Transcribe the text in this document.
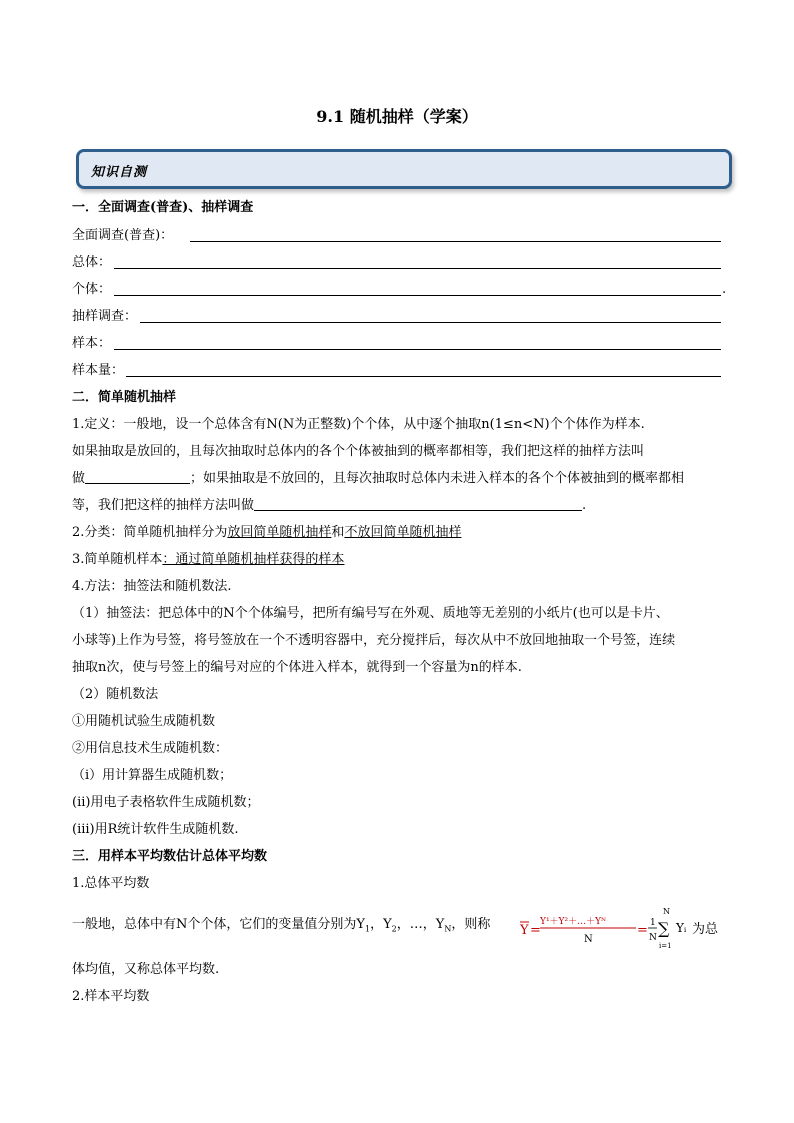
9.1 随机抽样（学案）
知识自测
一．全面调查(普查)、抽样调查
全面调查(普查)：
总体：
个体：	.
抽样调查：
样本：
样本量：
二．简单随机抽样
1.定义：一般地，设一个总体含有N(N为正整数)个个体，从中逐个抽取n(1≤n<N)个个体作为样本.
如果抽取是放回的，且每次抽取时总体内的各个个体被抽到的概率都相等，我们把这样的抽样方法叫
做	；如果抽取是不放回的，且每次抽取时总体内未进入样本的各个个体被抽到的概率都相
等，我们把这样的抽样方法叫做	.
2.分类：简单随机抽样分为放回简单随机抽样和不放回简单随机抽样
3.简单随机样本：通过简单随机抽样获得的样本
4.方法：抽签法和随机数法.
（1）抽签法：把总体中的N个个体编号，把所有编号写在外观、质地等无差别的小纸片(也可以是卡片、
小球等)上作为号签，将号签放在一个不透明容器中，充分搅拌后，每次从中不放回地抽取一个号签，连续
抽取n次，使与号签上的编号对应的个体进入样本，就得到一个容量为n的样本.
（2）随机数法
①用随机试验生成随机数
②用信息技术生成随机数：
（i）用计算器生成随机数；
(ii)用电子表格软件生成随机数；
(iii)用R统计软件生成随机数.
三．用样本平均数估计总体平均数
1.总体平均数
一般地，总体中有N个个体，它们的变量值分别为$Y_1$，$Y_2$，…，$Y_N$，则称 Y =
Y¹＋Y²＋…＋Yᴺ
N
= 1
N
N
∑
i=1
Yᵢ 为总
体均值，又称总体平均数.
2.样本平均数
